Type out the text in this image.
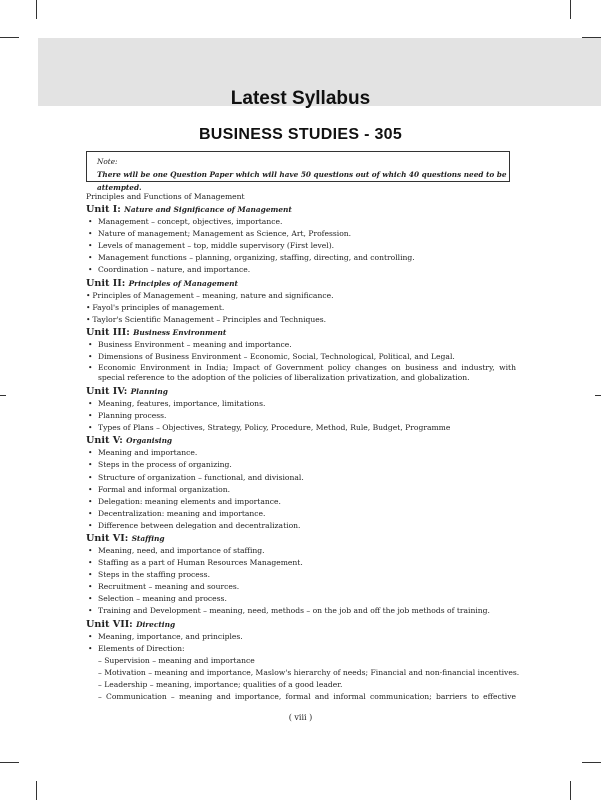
Latest Syllabus
BUSINESS STUDIES - 305
Note:
There will be one Question Paper which will have 50 questions out of which 40 questions need to be attempted.
Principles and Functions of Management
Unit I: Nature and Significance of Management
• Management – concept, objectives, importance.
• Nature of management; Management as Science, Art, Profession.
• Levels of management – top, middle supervisory (First level).
• Management functions – planning, organizing, staffing, directing, and controlling.
• Coordination – nature, and importance.
Unit II: Principles of Management
• Principles of Management – meaning, nature and significance.
• Fayol's principles of management.
• Taylor's Scientific Management – Principles and Techniques.
Unit III: Business Environment
• Business Environment – meaning and importance.
• Dimensions of Business Environment – Economic, Social, Technological, Political, and Legal.
• Economic Environment in India; Impact of Government policy changes on business and industry, with special reference to the adoption of the policies of liberalization privatization, and globalization.
Unit IV: Planning
• Meaning, features, importance, limitations.
• Planning process.
• Types of Plans – Objectives, Strategy, Policy, Procedure, Method, Rule, Budget, Programme
Unit V: Organising
• Meaning and importance.
• Steps in the process of organizing.
• Structure of organization – functional, and divisional.
• Formal and informal organization.
• Delegation: meaning elements and importance.
• Decentralization: meaning and importance.
• Difference between delegation and decentralization.
Unit VI: Staffing
• Meaning, need, and importance of staffing.
• Staffing as a part of Human Resources Management.
• Steps in the staffing process.
• Recruitment – meaning and sources.
• Selection – meaning and process.
• Training and Development – meaning, need, methods – on the job and off the job methods of training.
Unit VII: Directing
• Meaning, importance, and principles.
• Elements of Direction:
– Supervision – meaning and importance
– Motivation – meaning and importance, Maslow's hierarchy of needs; Financial and non-financial incentives.
– Leadership – meaning, importance; qualities of a good leader.
– Communication – meaning and importance, formal and informal communication; barriers to effective
( viii )
